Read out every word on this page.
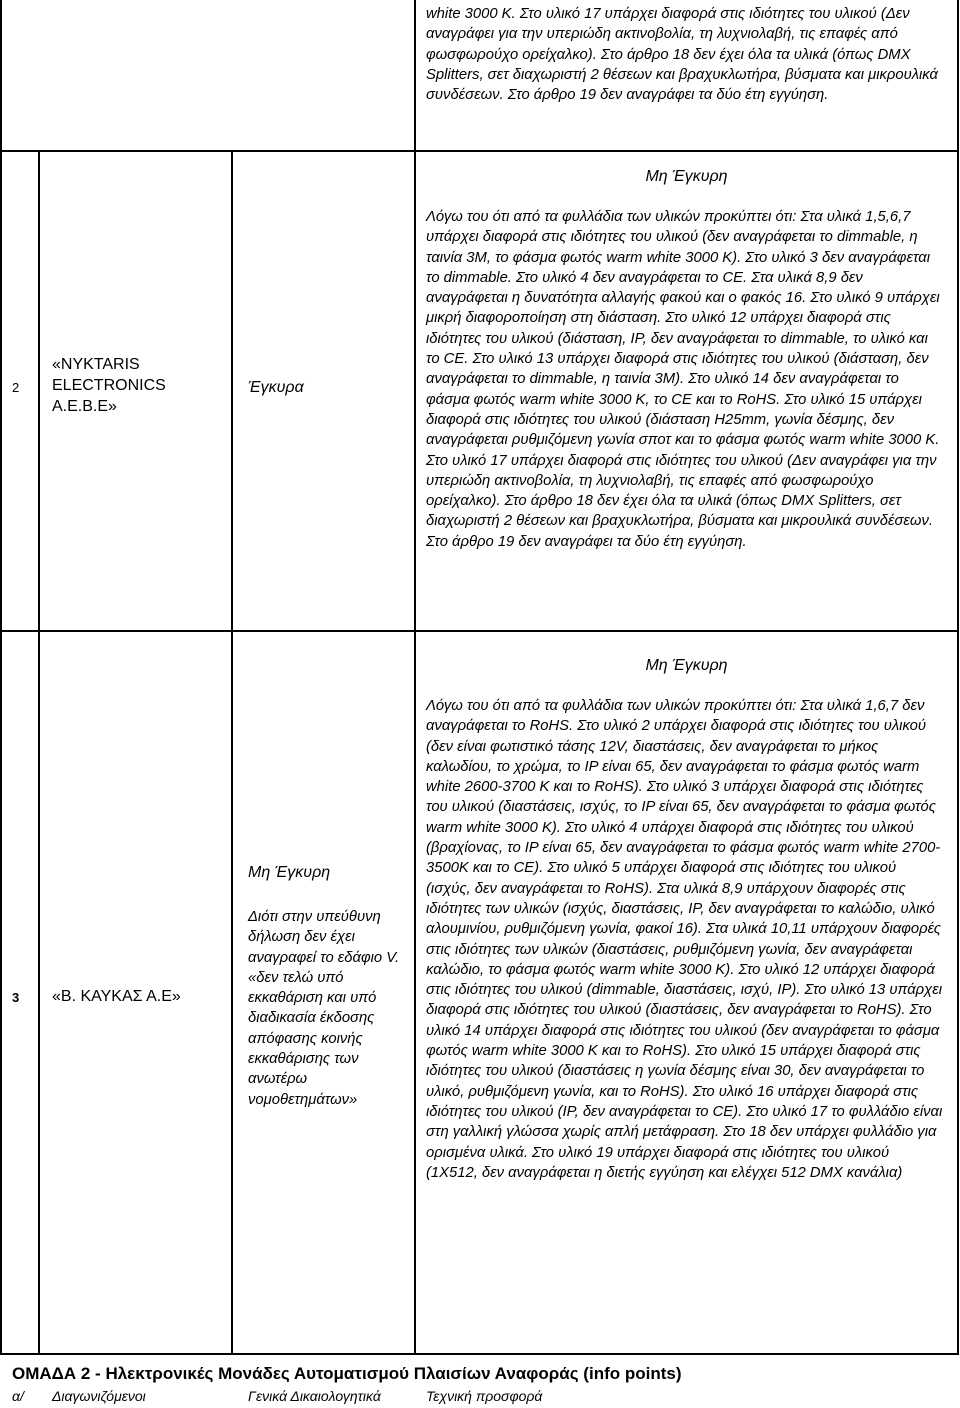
white 3000 K. Στο υλικό 17 υπάρχει διαφορά στις ιδιότητες του υλικού (Δεν αναγράφει για την υπεριώδη ακτινοβολία, τη λυχνιολαβή, τις επαφές από φωσφωρούχο ορείχαλκο). Στο άρθρο 18 δεν έχει όλα τα υλικά (όπως DMX Splitters, σετ διαχωριστή 2 θέσεων και βραχυκλωτήρα, βύσματα και μικρουλικά συνδέσεων. Στο άρθρο 19 δεν αναγράφει τα δύο έτη εγγύηση.

2
«NYKTARIS ELECTRONICS A.E.B.E»
Έγκυρα
Μη Έγκυρη

Λόγω του ότι από τα φυλλάδια των υλικών προκύπτει ότι: Στα υλικά 1,5,6,7 υπάρχει διαφορά στις ιδιότητες του υλικού (δεν αναγράφεται το dimmable, η ταινία 3M, το φάσμα φωτός warm white 3000 K). Στο υλικό 3 δεν αναγράφεται το dimmable. Στο υλικό 4 δεν αναγράφεται το CE. Στα υλικά 8,9 δεν αναγράφεται η δυνατότητα αλλαγής φακού και ο φακός 16. Στο υλικό 9 υπάρχει μικρή διαφοροποίηση στη διάσταση. Στο υλικό 12 υπάρχει διαφορά στις ιδιότητες του υλικού (διάσταση, IP, δεν αναγράφεται το dimmable, το υλικό και το CE. Στο υλικό 13 υπάρχει διαφορά στις ιδιότητες του υλικού (διάσταση, δεν αναγράφεται το dimmable, η ταινία 3M). Στο υλικό 14 δεν αναγράφεται το φάσμα φωτός warm white 3000 K, το CE και το RoHS. Στο υλικό 15 υπάρχει διαφορά στις ιδιότητες του υλικού (διάσταση H25mm, γωνία δέσμης, δεν αναγράφεται ρυθμιζόμενη γωνία σποτ και το φάσμα φωτός warm white 3000 K. Στο υλικό 17 υπάρχει διαφορά στις ιδιότητες του υλικού (Δεν αναγράφει για την υπεριώδη ακτινοβολία, τη λυχνιολαβή, τις επαφές από φωσφωρούχο ορείχαλκο). Στο άρθρο 18 δεν έχει όλα τα υλικά (όπως DMX Splitters, σετ διαχωριστή 2 θέσεων και βραχυκλωτήρα, βύσματα και μικρουλικά συνδέσεων. Στο άρθρο 19 δεν αναγράφει τα δύο έτη εγγύηση.

3 «Β. ΚΑΥΚΑΣ Α.Ε»
Μη Έγκυρη

Διότι στην υπεύθυνη δήλωση δεν έχει αναγραφεί το εδάφιο V. «δεν τελώ υπό εκκαθάριση και υπό διαδικασία έκδοσης απόφασης κοινής εκκαθάρισης των ανωτέρω νομοθετημάτων»

Μη Έγκυρη

Λόγω του ότι από τα φυλλάδια των υλικών προκύπτει ότι: Στα υλικά 1,6,7 δεν αναγράφεται το RoHS. Στο υλικό 2 υπάρχει διαφορά στις ιδιότητες του υλικού (δεν είναι φωτιστικό τάσης 12V, διαστάσεις, δεν αναγράφεται το μήκος καλωδίου, το χρώμα, το IP είναι 65, δεν αναγράφεται το φάσμα φωτός warm white 2600-3700 K και το RoHS). Στο υλικό 3 υπάρχει διαφορά στις ιδιότητες του υλικού (διαστάσεις, ισχύς, το IP είναι 65, δεν αναγράφεται το φάσμα φωτός warm white 3000 K). Στο υλικό 4 υπάρχει διαφορά στις ιδιότητες του υλικού (βραχίονας, το IP είναι 65, δεν αναγράφεται το φάσμα φωτός warm white 2700-3500K και το CE). Στο υλικό 5 υπάρχει διαφορά στις ιδιότητες του υλικού (ισχύς, δεν αναγράφεται το RoHS). Στα υλικά 8,9 υπάρχουν διαφορές στις ιδιότητες των υλικών (ισχύς, διαστάσεις, IP, δεν αναγράφεται το καλώδιο, υλικό αλουμινίου, ρυθμιζόμενη γωνία, φακοί 16). Στα υλικά 10,11 υπάρχουν διαφορές στις ιδιότητες των υλικών (διαστάσεις, ρυθμιζόμενη γωνία, δεν αναγράφεται καλώδιο, το φάσμα φωτός warm white 3000 K). Στο υλικό 12 υπάρχει διαφορά στις ιδιότητες του υλικού (dimmable, διαστάσεις, ισχύ, IP). Στο υλικό 13 υπάρχει διαφορά στις ιδιότητες του υλικού (διαστάσεις, δεν αναγράφεται το RoHS). Στο υλικό 14 υπάρχει διαφορά στις ιδιότητες του υλικού (δεν αναγράφεται το φάσμα φωτός warm white 3000 K και το RoHS). Στο υλικό 15 υπάρχει διαφορά στις ιδιότητες του υλικού (διαστάσεις η γωνία δέσμης είναι 30, δεν αναγράφεται το υλικό, ρυθμιζόμενη γωνία, και το RoHS). Στο υλικό 16 υπάρχει διαφορά στις ιδιότητες του υλικού (IP, δεν αναγράφεται το CE). Στο υλικό 17 το φυλλάδιο είναι στη γαλλική γλώσσα χωρίς απλή μετάφραση. Στο 18 δεν υπάρχει φυλλάδιο για ορισμένα υλικά. Στο υλικό 19 υπάρχει διαφορά στις ιδιότητες του υλικού (1X512, δεν αναγράφεται η διετής εγγύηση και ελέγχει 512 DMX κανάλια)

ΟΜΑΔΑ 2 - Ηλεκτρονικές Μονάδες Αυτοματισμού Πλαισίων Αναφοράς (info points)
α/ Διαγωνιζόμενοι	Γενικά Δικαιολογητικά	Τεχνική προσφορά
